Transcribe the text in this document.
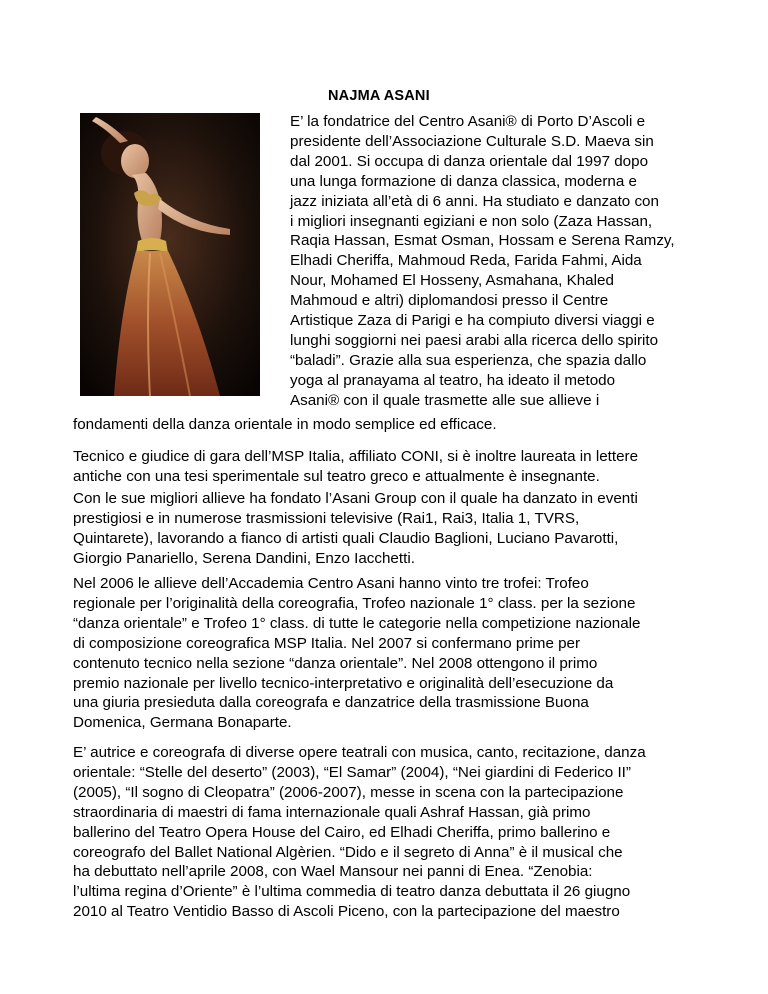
NAJMA ASANI
E’ la fondatrice del Centro Asani® di Porto D’Ascoli e
presidente dell’Associazione Culturale S.D. Maeva sin
dal 2001. Si occupa di danza orientale dal 1997 dopo
una lunga formazione di danza classica, moderna e
jazz iniziata all’età di 6 anni. Ha studiato e danzato con
i migliori insegnanti egiziani e non solo (Zaza Hassan,
Raqia Hassan, Esmat Osman, Hossam e Serena Ramzy,
Elhadi Cheriffa, Mahmoud Reda, Farida Fahmi, Aida
Nour, Mohamed El Hosseny, Asmahana, Khaled
Mahmoud e altri) diplomandosi presso il Centre
Artistique Zaza di Parigi e ha compiuto diversi viaggi e
lunghi soggiorni nei paesi arabi alla ricerca dello spirito
“baladi”. Grazie alla sua esperienza, che spazia dallo
yoga al pranayama al teatro, ha ideato il metodo
Asani® con il quale trasmette alle sue allieve i
fondamenti della danza orientale in modo semplice ed efficace.
Tecnico e giudice di gara dell’MSP Italia, affiliato CONI, si è inoltre laureata in lettere
antiche con una tesi sperimentale sul teatro greco e attualmente è insegnante.
Con le sue migliori allieve ha fondato l’Asani Group con il quale ha danzato in eventi
prestigiosi e in numerose trasmissioni televisive (Rai1, Rai3, Italia 1, TVRS,
Quintarete), lavorando a fianco di artisti quali Claudio Baglioni, Luciano Pavarotti,
Giorgio Panariello, Serena Dandini, Enzo Iacchetti.
Nel 2006 le allieve dell’Accademia Centro Asani hanno vinto tre trofei: Trofeo
regionale per l’originalità della coreografia, Trofeo nazionale 1° class. per la sezione
“danza orientale” e Trofeo 1° class. di tutte le categorie nella competizione nazionale
di composizione coreografica MSP Italia. Nel 2007 si confermano prime per
contenuto tecnico nella sezione “danza orientale”. Nel 2008 ottengono il primo
premio nazionale per livello tecnico-interpretativo e originalità dell’esecuzione da
una giuria presieduta dalla coreografa e danzatrice della trasmissione Buona
Domenica, Germana Bonaparte.
E’ autrice e coreografa di diverse opere teatrali con musica, canto, recitazione, danza
orientale: “Stelle del deserto” (2003), “El Samar” (2004), “Nei giardini di Federico II”
(2005), “Il sogno di Cleopatra” (2006-2007), messe in scena con la partecipazione
straordinaria di maestri di fama internazionale quali Ashraf Hassan, già primo
ballerino del Teatro Opera House del Cairo, ed Elhadi Cheriffa, primo ballerino e
coreografo del Ballet National Algèrien. “Dido e il segreto di Anna” è il musical che
ha debuttato nell’aprile 2008, con Wael Mansour nei panni di Enea. “Zenobia:
l’ultima regina d’Oriente” è l’ultima commedia di teatro danza debuttata il 26 giugno
2010 al Teatro Ventidio Basso di Ascoli Piceno, con la partecipazione del maestro
